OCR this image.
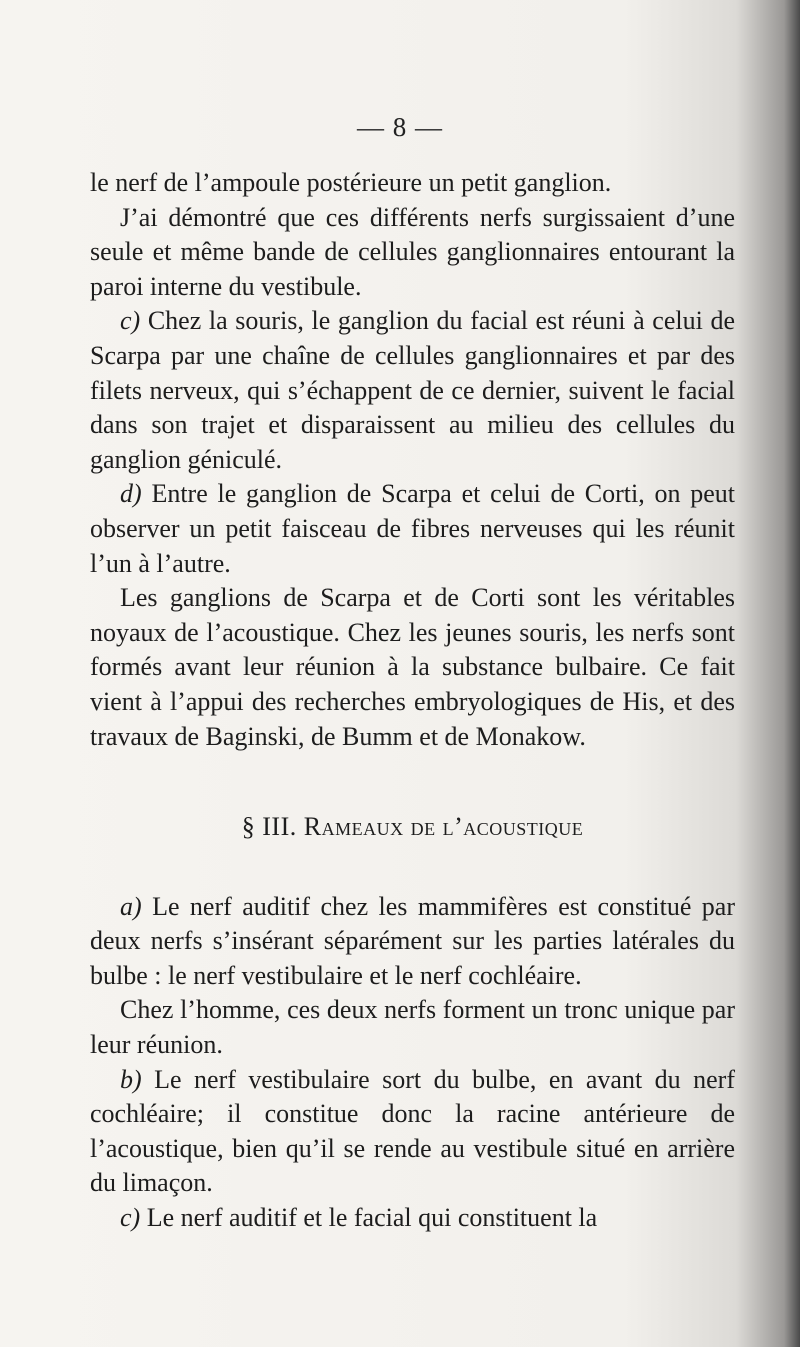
— 8 —

le nerf de l’ampoule postérieure un petit ganglion.

J’ai démontré que ces différents nerfs surgissaient d’une seule et même bande de cellules ganglionnaires entourant la paroi interne du vestibule.

c) Chez la souris, le ganglion du facial est réuni à celui de Scarpa par une chaîne de cellules ganglionnaires et par des filets nerveux, qui s’échappent de ce dernier, suivent le facial dans son trajet et disparaissent au milieu des cellules du ganglion géniculé.

d) Entre le ganglion de Scarpa et celui de Corti, on peut observer un petit faisceau de fibres nerveuses qui les réunit l’un à l’autre.

Les ganglions de Scarpa et de Corti sont les véritables noyaux de l’acoustique. Chez les jeunes souris, les nerfs sont formés avant leur réunion à la substance bulbaire. Ce fait vient à l’appui des recherches embryologiques de His, et des travaux de Baginski, de Bumm et de Monakow.

§ III. Rameaux de l’acoustique

a) Le nerf auditif chez les mammifères est constitué par deux nerfs s’insérant séparément sur les parties latérales du bulbe : le nerf vestibulaire et le nerf cochléaire.

Chez l’homme, ces deux nerfs forment un tronc unique par leur réunion.

b) Le nerf vestibulaire sort du bulbe, en avant du nerf cochléaire; il constitue donc la racine antérieure de l’acoustique, bien qu’il se rende au vestibule situé en arrière du limaçon.

c) Le nerf auditif et le facial qui constituent la
